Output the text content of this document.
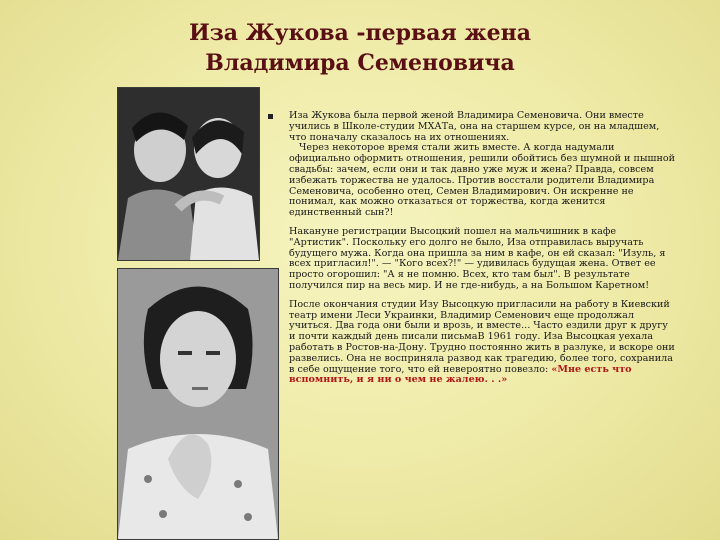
Иза Жукова -первая жена
Владимира Семеновича

Иза Жукова была первой женой Владимира Семеновича. Они вместе учились в Школе-студии МХАТа, она на старшем курсе, он на младшем, что поначалу сказалось на их отношениях.
Через некоторое время стали жить вместе. А когда надумали официально оформить отношения, решили обойтись без шумной и пышной свадьбы: зачем, если они и так давно уже муж и жена? Правда, совсем избежать торжества не удалось. Против восстали родители Владимира Семеновича, особенно отец, Семен Владимирович. Он искренне не понимал, как можно отказаться от торжества, когда женится единственный сын?!

Накануне регистрации Высоцкий пошел на мальчишник в кафе "Артистик". Поскольку его долго не было, Иза отправилась выручать будущего мужа. Когда она пришла за ним в кафе, он ей сказал: "Изуль, я всех пригласил!". — "Кого всех?!" — удивилась будущая жена. Ответ ее просто огорошил: "А я не помню. Всех, кто там был". В результате получился пир на весь мир. И не где-нибудь, а на Большом Каретном!

После окончания студии Изу Высоцкую пригласили на работу в Киевский театр имени Леси Украинки, Владимир Семенович еще продолжал учиться. Два года они были и врозь, и вместе... Часто ездили друг к другу и почти каждый день писали письмаВ 1961 году. Иза Высоцкая уехала работать в Ростов-на-Дону. Трудно постоянно жить в разлуке, и вскоре они развелись. Она не восприняла развод как трагедию, более того, сохранила в себе ощущение того, что ей невероятно повезло: «Мне есть что вспомнить, и я ни о чем не жалею. . .»
